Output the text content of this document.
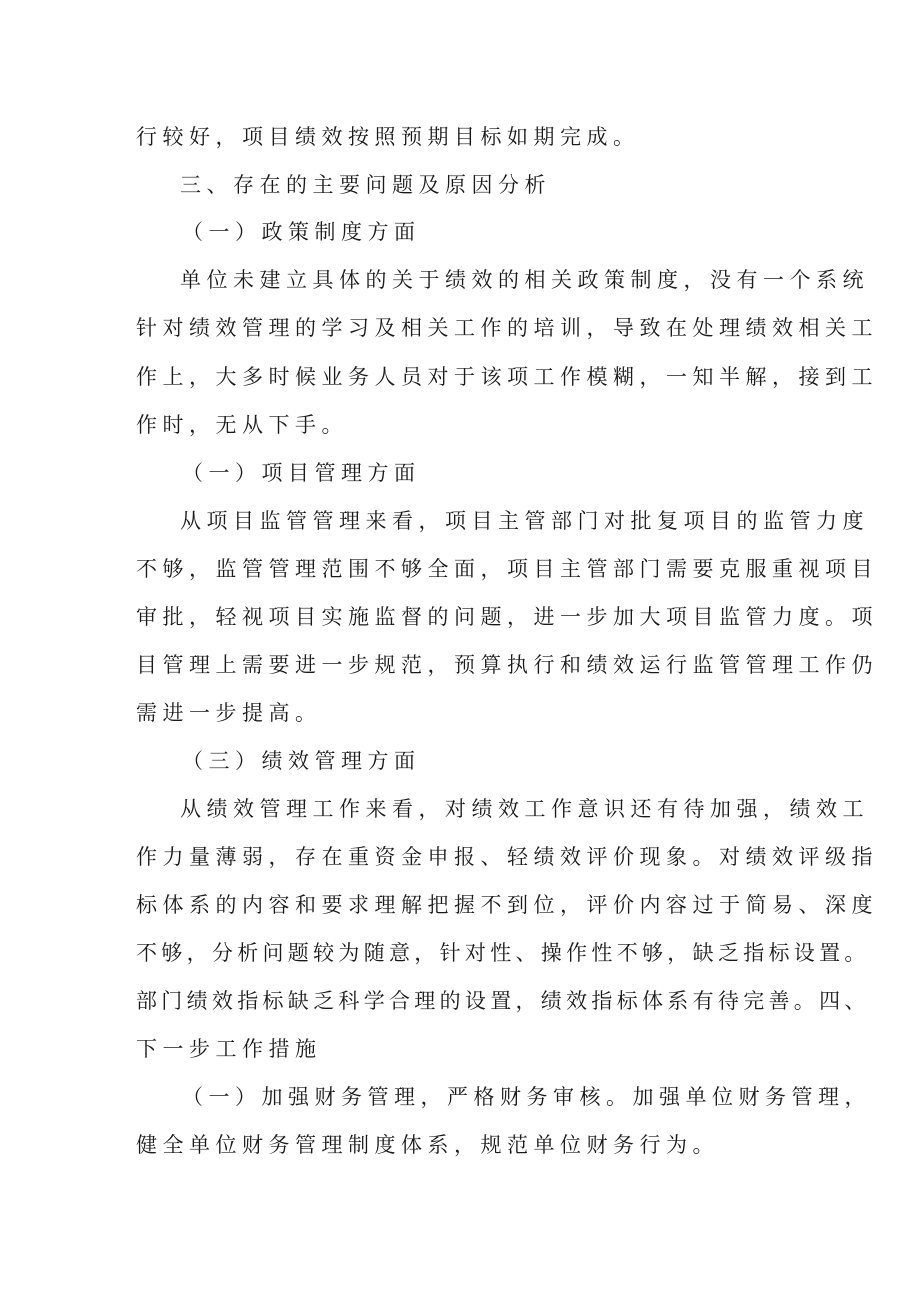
行较好，项目绩效按照预期目标如期完成。

三、存在的主要问题及原因分析

（一）政策制度方面

单位未建立具体的关于绩效的相关政策制度，没有一个系统

针对绩效管理的学习及相关工作的培训，导致在处理绩效相关工

作上，大多时候业务人员对于该项工作模糊，一知半解，接到工

作时，无从下手。

（一）项目管理方面

从项目监管管理来看，项目主管部门对批复项目的监管力度

不够，监管管理范围不够全面，项目主管部门需要克服重视项目

审批，轻视项目实施监督的问题，进一步加大项目监管力度。项

目管理上需要进一步规范，预算执行和绩效运行监管管理工作仍

需进一步提高。

（三）绩效管理方面

从绩效管理工作来看，对绩效工作意识还有待加强，绩效工

作力量薄弱，存在重资金申报、轻绩效评价现象。对绩效评级指

标体系的内容和要求理解把握不到位，评价内容过于简易、深度

不够，分析问题较为随意，针对性、操作性不够，缺乏指标设置。

部门绩效指标缺乏科学合理的设置，绩效指标体系有待完善。四、

下一步工作措施

（一）加强财务管理，严格财务审核。加强单位财务管理，

健全单位财务管理制度体系，规范单位财务行为。
